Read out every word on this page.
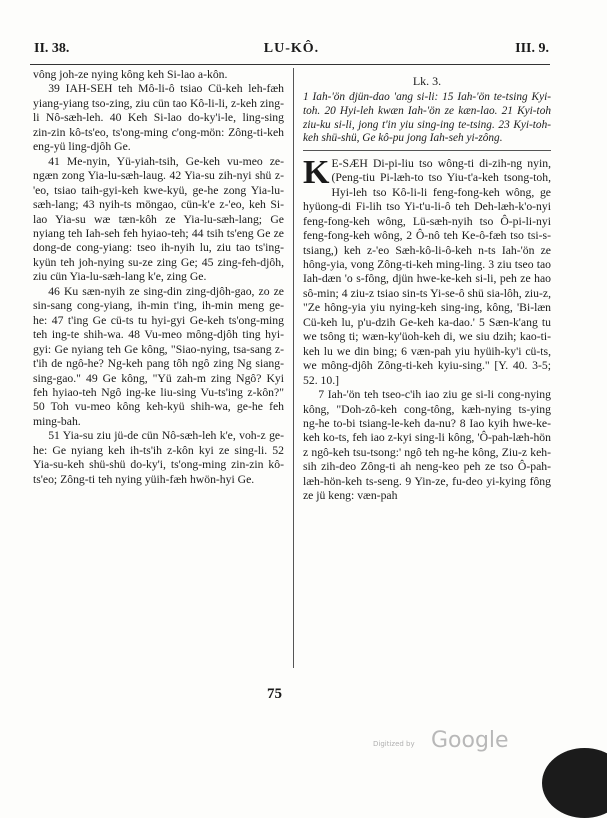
II. 38.	LU-KÔ.	III. 9.

vông joh-ze nying kông keh Si-lao a-kôn.

39 IAH-SEH teh Mô-li-ô tsiao Cü-keh leh-fæh yiang-yiang tso-zing, ziu cün tao Kô-li-li, z-keh zing-li Nô-sæh-leh. 40 Keh Si-lao do-ky'i-le, ling-sing zin-zin kô-ts'eo, ts'ong-ming c'ong-mön: Zông-ti-keh eng-yü ling-djôh Ge.

41 Me-nyin, Yü-yiah-tsih, Ge-keh vu-meo ze-ngæn zong Yia-lu-sæh-laug. 42 Yia-su zih-nyi shü z-'eo, tsiao taih-gyi-keh kwe-kyü, ge-he zong Yia-lu-sæh-lang; 43 nyih-ts möngao, cün-k'e z-'eo, keh Si-lao Yia-su wæ tæn-kôh ze Yia-lu-sæh-lang; Ge nyiang teh Iah-seh feh hyiao-teh; 44 tsih ts'eng Ge ze dong-de cong-yiang: tseo ih-nyih lu, ziu tao ts'ing-kyün teh joh-nying su-ze zing Ge; 45 zing-feh-djôh, ziu cün Yia-lu-sæh-lang k'e, zing Ge.

46 Ku sæn-nyih ze sing-din zing-djôh-gao, zo ze sin-sang cong-yiang, ih-min t'ing, ih-min meng ge-he: 47 t'ing Ge cü-ts tu hyi-gyi Ge-keh ts'ong-ming teh ing-te shih-wa. 48 Vu-meo mông-djôh ting hyi-gyi: Ge nyiang teh Ge kông, "Siao-nying, tsa-sang z-t'ih de ngô-he? Ng-keh pang tôh ngô zing Ng siang-sing-gao." 49 Ge kông, "Yü zah-m zing Ngô? Kyi feh hyiao-teh Ngô ing-ke liu-sing Vu-ts'ing z-kôn?" 50 Toh vu-meo kông keh-kyü shih-wa, ge-he feh ming-bah.

51 Yia-su ziu jü-de cün Nô-sæh-leh k'e, voh-z ge-he: Ge nyiang keh ih-ts'ih z-kôn kyi ze sing-li. 52 Yia-su-keh shü-shü do-ky'i, ts'ong-ming zin-zin kô-ts'eo; Zông-ti teh nying yüih-fæh hwön-hyi Ge.

Lk. 3.
1 Iah-'ön djün-dao 'ang si-li: 15 Iah-'ön te-tsing Kyi-toh. 20 Hyi-leh kwæn Iah-'ön ze kæn-lao. 21 Kyi-toh ziu-ku si-li, jong t'in yiu sing-ing te-tsing. 23 Kyi-toh-keh shü-shü, Ge kô-pu jong Iah-seh yi-zông.

K E-SÆH Di-pi-liu tso wông-ti di-zih-ng nyin, (Peng-tiu Pi-læh-to tso Yiu-t'a-keh tsong-toh, Hyi-leh tso Kô-li-li feng-fong-keh wông, ge hyüong-di Fi-lih tso Yi-t'u-li-ô teh Deh-læh-k'o-nyi feng-fong-keh wông, Lü-sæh-nyih tso Ô-pi-li-nyi feng-fong-keh wông, 2 Ô-nô teh Ke-ô-fæh tso tsi-s-tsiang,) keh z-'eo Sæh-kô-li-ô-keh n-ts Iah-'ön ze hông-yia, vong Zông-ti-keh ming-ling. 3 ziu tseo tao Iah-dæn 'o s-fông, djün hwe-ke-keh si-li, peh ze hao sô-min; 4 ziu-z tsiao sin-ts Yi-se-ô shü sia-lôh, ziu-z, "Ze hông-yia yiu nying-keh sing-ing, kông, 'Bi-læn Cü-keh lu, p'u-dzih Ge-keh ka-dao.' 5 Sæn-k'ang tu we tsông ti; wæn-ky'üoh-keh di, we siu dzih; kao-ti-keh lu we din bing; 6 væn-pah yiu hyüih-ky'i cü-ts, we mông-djôh Zông-ti-keh kyiu-sing." [Y. 40. 3-5; 52. 10.]

7 Iah-'ön teh tseo-c'ih iao ziu ge si-li cong-nying kông, "Doh-zô-keh cong-tông, kæh-nying ts-ying ng-he to-bi tsiang-le-keh da-nu? 8 Iao kyih hwe-ke-keh ko-ts, feh iao z-kyi sing-li kông, 'Ô-pah-læh-hön z ngô-keh tsu-tsong:' ngô teh ng-he kông, Ziu-z keh-sih zih-deo Zông-ti ah neng-keo peh ze tso Ô-pah-læh-hön-keh ts-seng. 9 Yin-ze, fu-deo yi-kying fông ze jü keng: væn-pah

75
Digitized by Google
